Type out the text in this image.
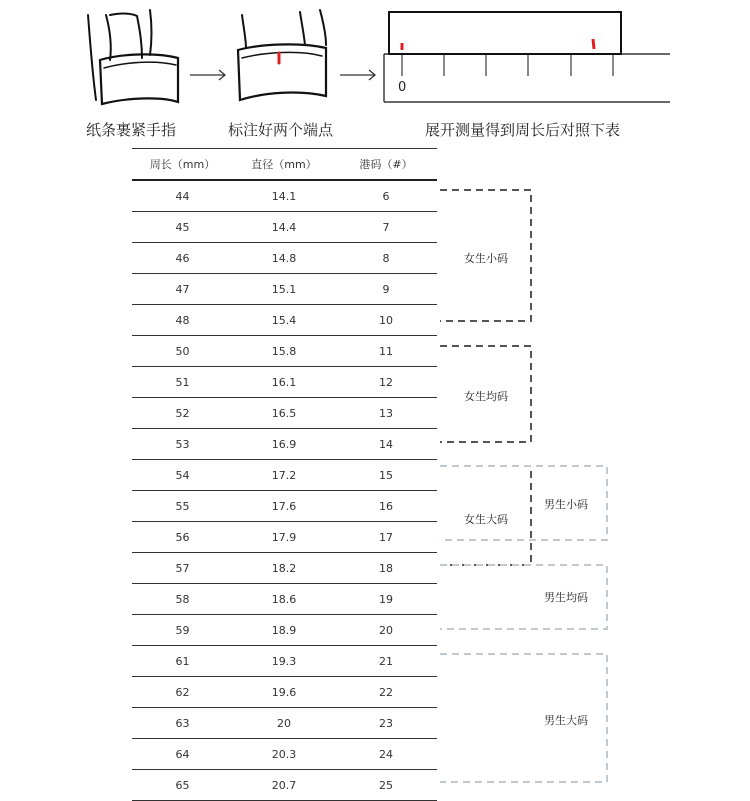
0
纸条裹紧手指	标注好两个端点	展开测量得到周长后对照下表
周长（mm）	直径（mm）	港码（#）
44	14.1	6
45	14.4	7
46	14.8	8
47	15.1	9
48	15.4	10
50	15.8	11
51	16.1	12
52	16.5	13
53	16.9	14
54	17.2	15
55	17.6	16
56	17.9	17
57	18.2	18
58	18.6	19
59	18.9	20
61	19.3	21
62	19.6	22
63	20	23
64	20.3	24
65	20.7	25
女生小码
女生均码
女生大码
男生小码
男生均码
男生大码
